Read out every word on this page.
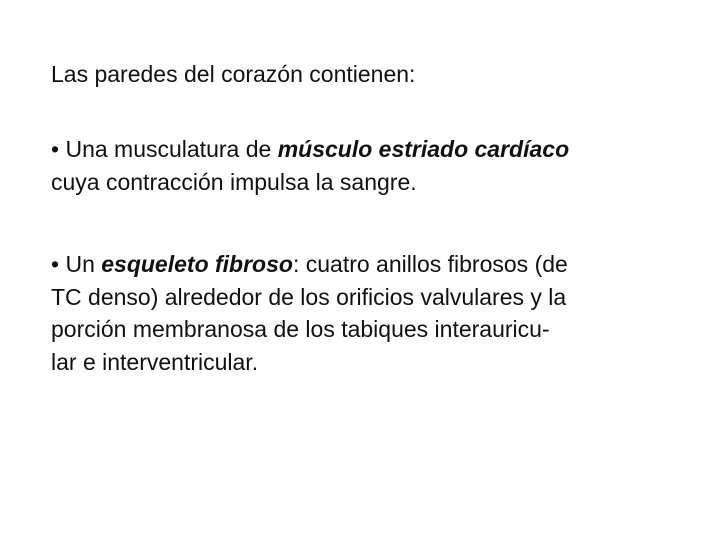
Las paredes del corazón contienen:

• Una musculatura de músculo estriado cardíaco
cuya contracción impulsa la sangre.

• Un esqueleto fibroso: cuatro anillos fibrosos (de
TC denso) alrededor de los orificios valvulares y la
porción membranosa de los tabiques interauricu-
lar e interventricular.
